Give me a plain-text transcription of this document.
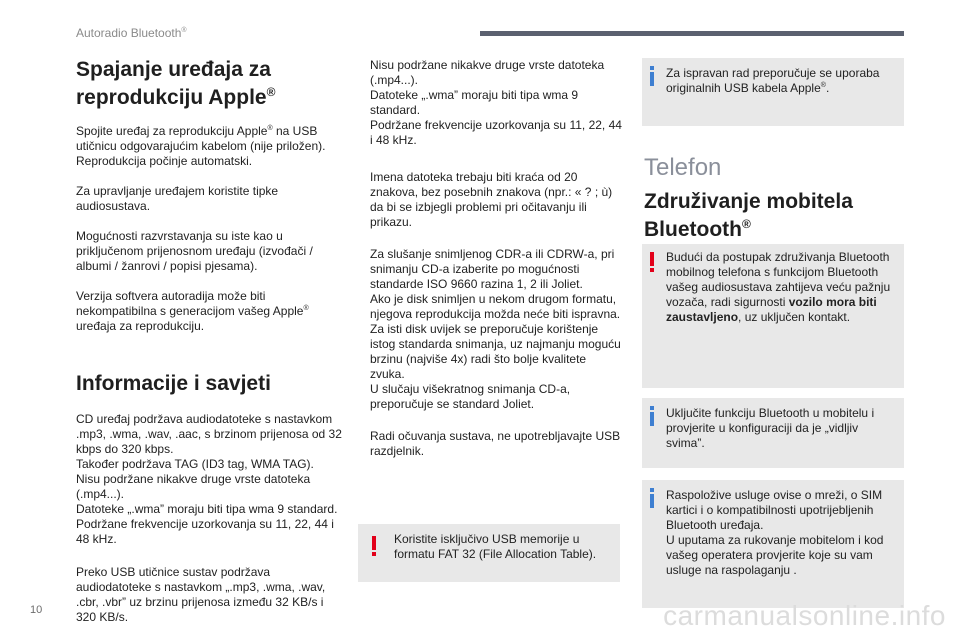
Autoradio Bluetooth®
Spajanje uređaja za reprodukciju Apple®

Spojite uređaj za reprodukciju Apple® na USB utičnicu odgovarajućim kabelom (nije priložen). Reprodukcija počinje automatski.

Za upravljanje uređajem koristite tipke audiosustava.

Mogućnosti razvrstavanja su iste kao u priključenom prijenosnom uređaju (izvođači / albumi / žanrovi / popisi pjesama).

Verzija softvera autoradija može biti nekompatibilna s generacijom vašeg Apple® uređaja za reprodukciju.

Informacije i savjeti

CD uređaj podržava audiodatoteke s nastavkom .mp3, .wma, .wav, .aac, s brzinom prijenosa od 32 kbps do 320 kbps.
Također podržava TAG (ID3 tag, WMA TAG).
Nisu podržane nikakve druge vrste datoteka (.mp4...).
Datoteke „.wma” moraju biti tipa wma 9 standard.
Podržane frekvencije uzorkovanja su 11, 22, 44 i 48 kHz.

Preko USB utičnice sustav podržava audiodatoteke s nastavkom „.mp3, .wma, .wav, .cbr, .vbr” uz brzinu prijenosa između 32 KB/s i 320 KB/s.

Nisu podržane nikakve druge vrste datoteka (.mp4...).
Datoteke „.wma” moraju biti tipa wma 9 standard.
Podržane frekvencije uzorkovanja su 11, 22, 44 i 48 kHz.

Imena datoteka trebaju biti kraća od 20 znakova, bez posebnih znakova (npr.: « ? ; ù) da bi se izbjegli problemi pri očitavanju ili prikazu.

Za slušanje snimljenog CDR-a ili CDRW-a, pri snimanju CD-a izaberite po mogućnosti standarde ISO 9660 razina 1, 2 ili Joliet.
Ako je disk snimljen u nekom drugom formatu, njegova reprodukcija možda neće biti ispravna.
Za isti disk uvijek se preporučuje korištenje istog standarda snimanja, uz najmanju moguću brzinu (najviše 4x) radi što bolje kvalitete zvuka.
U slučaju višekratnog snimanja CD-a, preporučuje se standard Joliet.

Radi očuvanja sustava, ne upotrebljavajte USB razdjelnik.

Koristite isključivo USB memorije u formatu FAT 32 (File Allocation Table).

Za ispravan rad preporučuje se uporaba originalnih USB kabela Apple®.

Telefon
Združivanje mobitela Bluetooth®

Budući da postupak združivanja Bluetooth mobilnog telefona s funkcijom Bluetooth vašeg audiosustava zahtijeva veću pažnju vozača, radi sigurnosti vozilo mora biti zaustavljeno, uz uključen kontakt.

Uključite funkciju Bluetooth u mobitelu i provjerite u konfiguraciji da je „vidljiv svima”.

Raspoložive usluge ovise o mreži, o SIM kartici i o kompatibilnosti upotrijebljenih Bluetooth uređaja.
U uputama za rukovanje mobitelom i kod vašeg operatera provjerite koje su vam usluge na raspolaganju .

10	carmanualsonline.info
